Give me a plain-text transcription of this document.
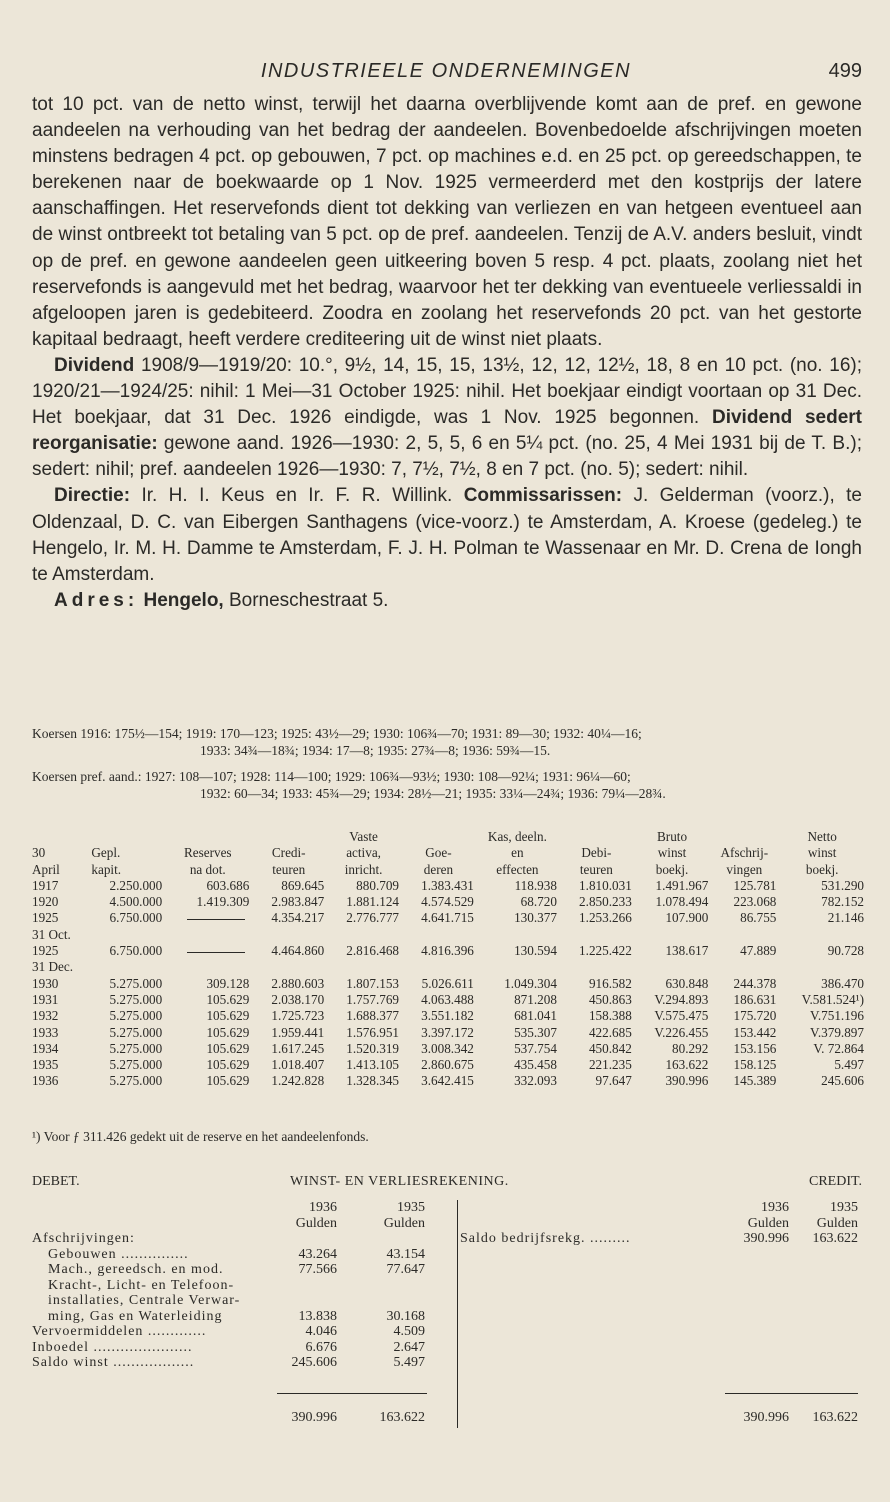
INDUSTRIEELE ONDERNEMINGEN	499
tot 10 pct. van de netto winst, terwijl het daarna overblijvende komt aan de pref. en gewone aandeelen na verhouding van het bedrag der aandeelen. Bovenbedoelde afschrijvingen moeten minstens bedragen 4 pct. op gebouwen, 7 pct. op machines e.d. en 25 pct. op gereedschappen, te berekenen naar de boekwaarde op 1 Nov. 1925 vermeerderd met den kostprijs der latere aanschaffingen. Het reservefonds dient tot dekking van verliezen en van hetgeen eventueel aan de winst ontbreekt tot betaling van 5 pct. op de pref. aandeelen. Tenzij de A.V. anders besluit, vindt op de pref. en gewone aandeelen geen uitkeering boven 5 resp. 4 pct. plaats, zoolang niet het reservefonds is aangevuld met het bedrag, waarvoor het ter dekking van eventueele verliessaldi in afgeloopen jaren is gedebiteerd. Zoodra en zoolang het reservefonds 20 pct. van het gestorte kapitaal bedraagt, heeft verdere crediteering uit de winst niet plaats.
Dividend 1908/9—1919/20: 10.°, 9½, 14, 15, 15, 13½, 12, 12, 12½, 18, 8 en 10 pct. (no. 16); 1920/21—1924/25: nihil: 1 Mei—31 October 1925: nihil. Het boekjaar eindigt voortaan op 31 Dec. Het boekjaar, dat 31 Dec. 1926 eindigde, was 1 Nov. 1925 begonnen. Dividend sedert reorganisatie: gewone aand. 1926—1930: 2, 5, 5, 6 en 5¼ pct. (no. 25, 4 Mei 1931 bij de T. B.); sedert: nihil; pref. aandeelen 1926—1930: 7, 7½, 7½, 8 en 7 pct. (no. 5); sedert: nihil.
Directie: Ir. H. I. Keus en Ir. F. R. Willink. Commissarissen: J. Gelderman (voorz.), te Oldenzaal, D. C. van Eibergen Santhagens (vice-voorz.) te Amsterdam, A. Kroese (gedeleg.) te Hengelo, Ir. M. H. Damme te Amsterdam, F. J. H. Polman te Wassenaar en Mr. D. Crena de Iongh te Amsterdam.
Adres: Hengelo, Borneschestraat 5.
Koersen 1916: 175½—154; 1919: 170—123; 1925: 43½—29; 1930: 106¾—70; 1931: 89—30; 1932: 40¼—16;
1933: 34¾—18¾; 1934: 17—8; 1935: 27¾—8; 1936: 59¾—15.
Koersen pref. aand.: 1927: 108—107; 1928: 114—100; 1929: 106¾—93½; 1930: 108—92¼; 1931: 96¼—60;
1932: 60—34; 1933: 45¾—29; 1934: 28½—21; 1935: 33¼—24¾; 1936: 79¼—28¾.
				Vaste		Kas, deeln.		Bruto		Netto
30	Gepl.	Reserves	Credi-	activa,	Goe-	en	Debi-	winst	Afschrij-	winst
April	kapit.	na dot.	teuren	inricht.	deren	effecten	teuren	boekj.	vingen	boekj.
1917	2.250.000	603.686	869.645	880.709	1.383.431	118.938	1.810.031	1.491.967	125.781	531.290
1920	4.500.000	1.419.309	2.983.847	1.881.124	4.574.529	68.720	2.850.233	1.078.494	223.068	782.152
1925	6.750.000		4.354.217	2.776.777	4.641.715	130.377	1.253.266	107.900	86.755	21.146
31 Oct.										
1925	6.750.000		4.464.860	2.816.468	4.816.396	130.594	1.225.422	138.617	47.889	90.728
31 Dec.										
1930	5.275.000	309.128	2.880.603	1.807.153	5.026.611	1.049.304	916.582	630.848	244.378	386.470
1931	5.275.000	105.629	2.038.170	1.757.769	4.063.488	871.208	450.863	V.294.893	186.631	V.581.524¹)
1932	5.275.000	105.629	1.725.723	1.688.377	3.551.182	681.041	158.388	V.575.475	175.720	V.751.196
1933	5.275.000	105.629	1.959.441	1.576.951	3.397.172	535.307	422.685	V.226.455	153.442	V.379.897
1934	5.275.000	105.629	1.617.245	1.520.319	3.008.342	537.754	450.842	80.292	153.156	V. 72.864
1935	5.275.000	105.629	1.018.407	1.413.105	2.860.675	435.458	221.235	163.622	158.125	5.497
1936	5.275.000	105.629	1.242.828	1.328.345	3.642.415	332.093	97.647	390.996	145.389	245.606
¹) Voor ƒ 311.426 gedekt uit de reserve en het aandeelenfonds.
DEBET.	WINST- EN VERLIESREKENING.	CREDIT.
1936	1935
Gulden	Gulden
Afschrijvingen:
Gebouwen ...............	43.264	43.154
Mach., gereedsch. en mod.	77.566	77.647
Kracht-, Licht- en Telefoon-
installaties, Centrale Verwar-
ming, Gas en Waterleiding	13.838	30.168
Vervoermiddelen .............	4.046	4.509
Inboedel ......................	6.676	2.647
Saldo winst ..................	245.606	5.497
390.996	163.622
1936	1935
Gulden	Gulden
Saldo bedrijfsrekg. .........	390.996	163.622
390.996	163.622
